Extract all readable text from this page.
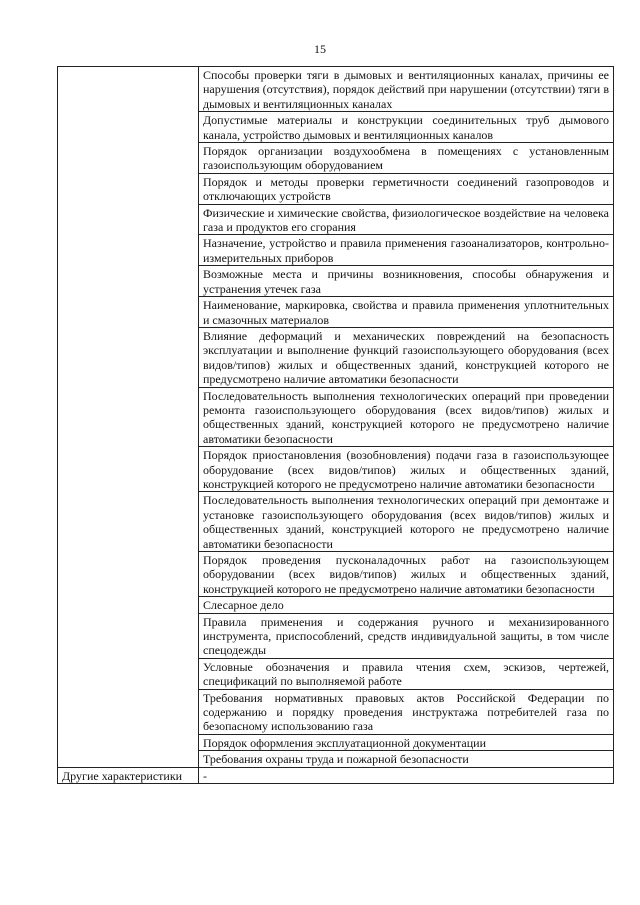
15
	Способы проверки тяги в дымовых и вентиляционных каналах, причины ее нарушения (отсутствия), порядок действий при нарушении (отсутствии) тяги в дымовых и вентиляционных каналах
	Допустимые материалы и конструкции соединительных труб дымового канала, устройство дымовых и вентиляционных каналов
	Порядок организации воздухообмена в помещениях с установленным газоиспользующим оборудованием
	Порядок и методы проверки герметичности соединений газопроводов и отключающих устройств
	Физические и химические свойства, физиологическое воздействие на человека газа и продуктов его сгорания
	Назначение, устройство и правила применения газоанализаторов, контрольно-измерительных приборов
	Возможные места и причины возникновения, способы обнаружения и устранения утечек газа
	Наименование, маркировка, свойства и правила применения уплотнительных и смазочных материалов
	Влияние деформаций и механических повреждений на безопасность эксплуатации и выполнение функций газоиспользующего оборудования (всех видов/типов) жилых и общественных зданий, конструкцией которого не предусмотрено наличие автоматики безопасности
	Последовательность выполнения технологических операций при проведении ремонта газоиспользующего оборудования (всех видов/типов) жилых и общественных зданий, конструкцией которого не предусмотрено наличие автоматики безопасности
	Порядок приостановления (возобновления) подачи газа в газоиспользующее оборудование (всех видов/типов) жилых и общественных зданий, конструкцией которого не предусмотрено наличие автоматики безопасности
	Последовательность выполнения технологических операций при демонтаже и установке газоиспользующего оборудования (всех видов/типов) жилых и общественных зданий, конструкцией которого не предусмотрено наличие автоматики безопасности
	Порядок проведения пусконаладочных работ на газоиспользующем оборудовании (всех видов/типов) жилых и общественных зданий, конструкцией которого не предусмотрено наличие автоматики безопасности
	Слесарное дело
	Правила применения и содержания ручного и механизированного инструмента, приспособлений, средств индивидуальной защиты, в том числе спецодежды
	Условные обозначения и правила чтения схем, эскизов, чертежей, спецификаций по выполняемой работе
	Требования нормативных правовых актов Российской Федерации по содержанию и порядку проведения инструктажа потребителей газа по безопасному использованию газа
	Порядок оформления эксплуатационной документации
	Требования охраны труда и пожарной безопасности
Другие характеристики	-
